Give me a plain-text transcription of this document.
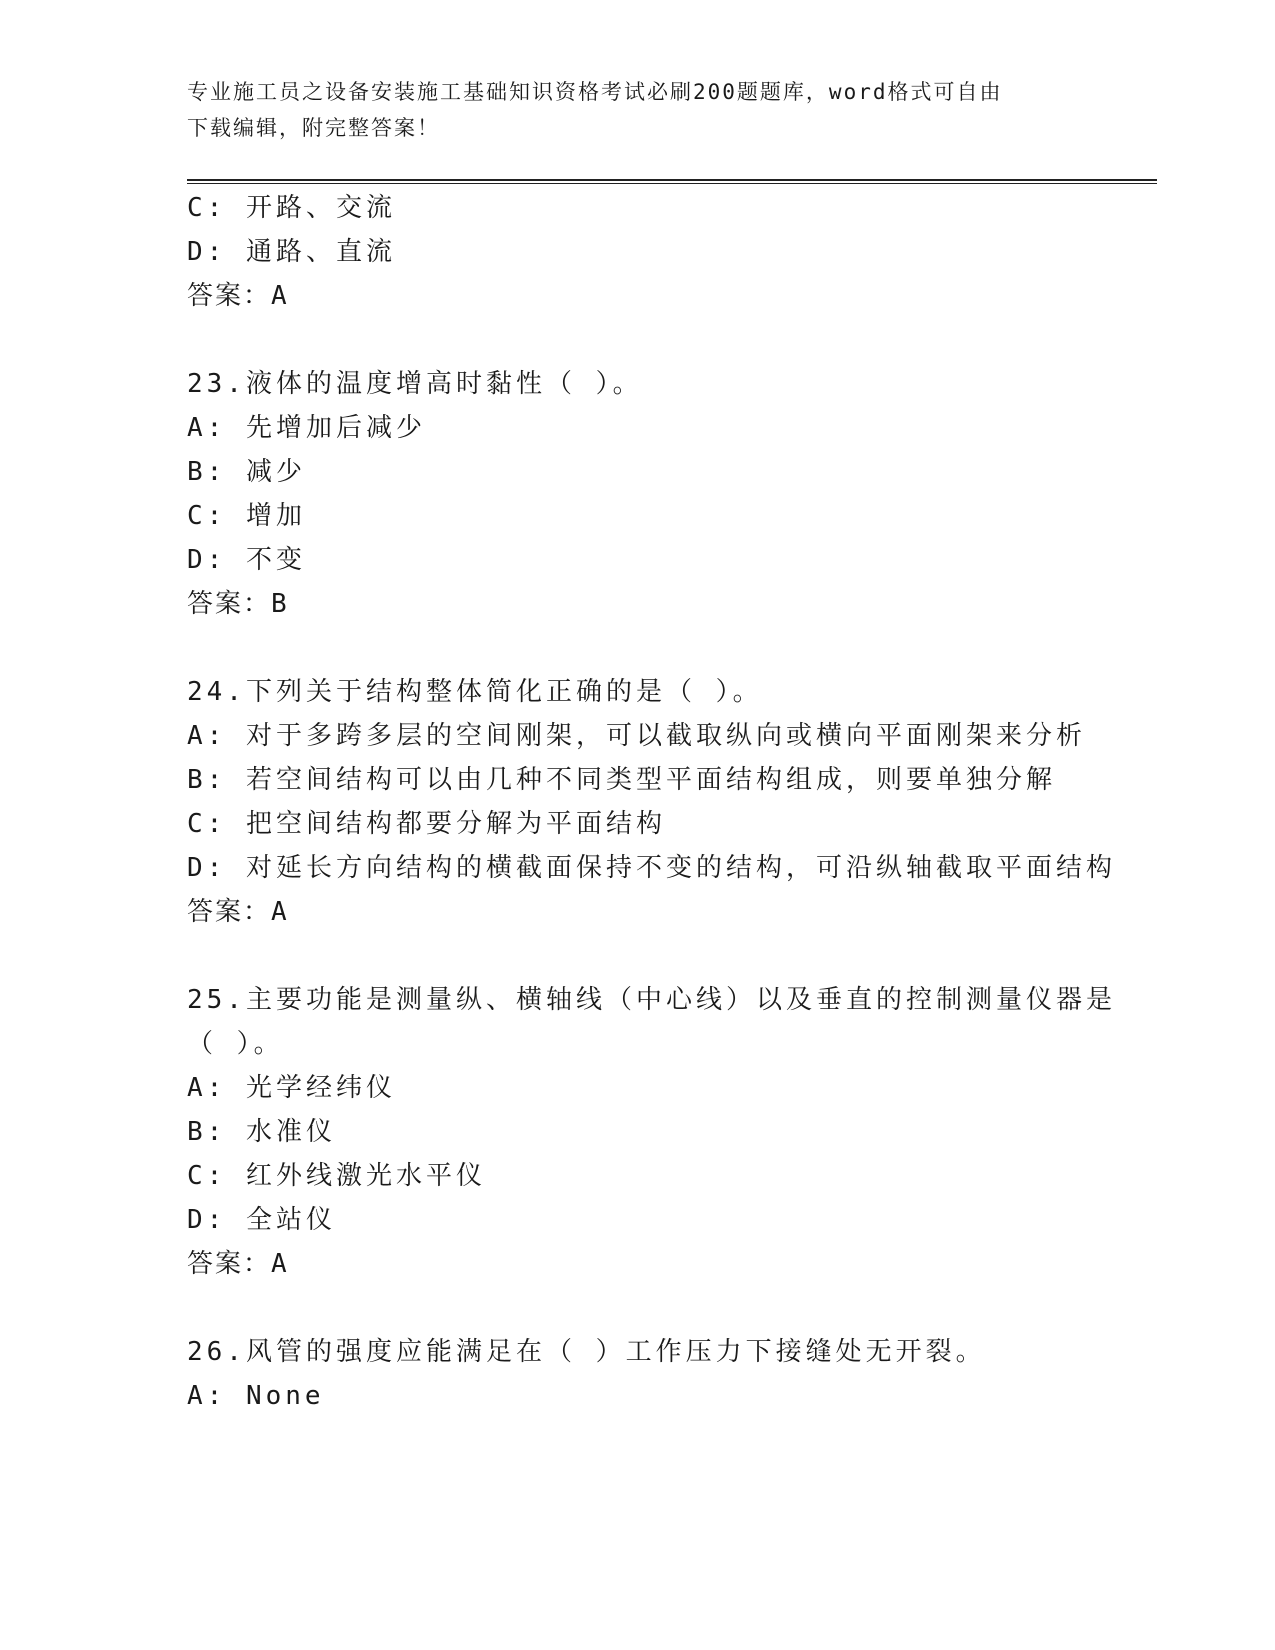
专业施工员之设备安装施工基础知识资格考试必刷200题题库，word格式可自由
下载编辑，附完整答案！
C: 开路、交流
D: 通路、直流
答案：A
23.液体的温度增高时黏性（ ）。
A: 先增加后减少
B: 减少
C: 增加
D: 不变
答案：B
24.下列关于结构整体简化正确的是（ ）。
A: 对于多跨多层的空间刚架，可以截取纵向或横向平面刚架来分析
B: 若空间结构可以由几种不同类型平面结构组成，则要单独分解
C: 把空间结构都要分解为平面结构
D: 对延长方向结构的横截面保持不变的结构，可沿纵轴截取平面结构
答案：A
25.主要功能是测量纵、横轴线（中心线）以及垂直的控制测量仪器是
（ ）。
A: 光学经纬仪
B: 水准仪
C: 红外线激光水平仪
D: 全站仪
答案：A
26.风管的强度应能满足在（ ）工作压力下接缝处无开裂。
A: None
